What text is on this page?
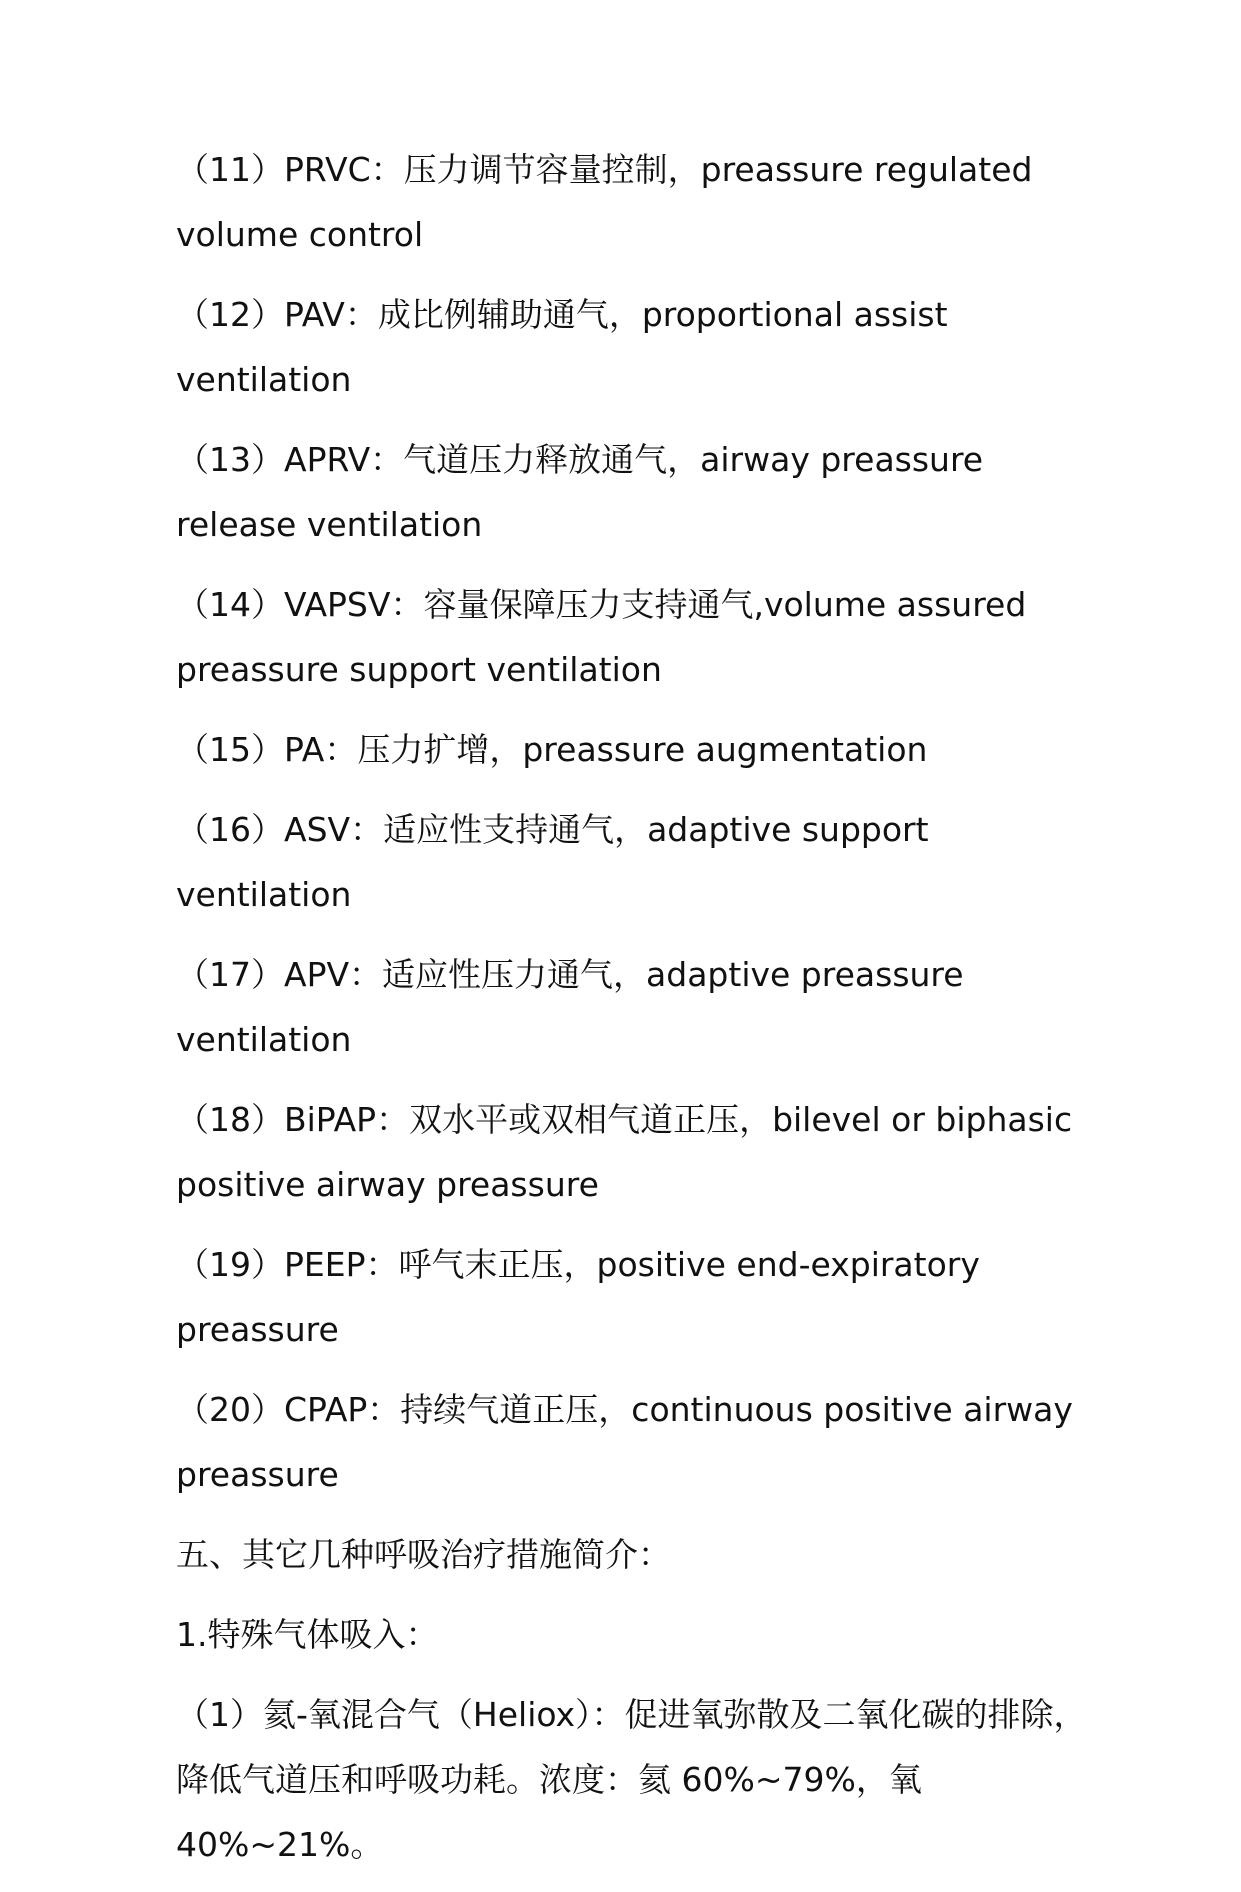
（11）PRVC：压力调节容量控制，preassure regulated volume control

（12）PAV：成比例辅助通气，proportional assist ventilation

（13）APRV：气道压力释放通气，airway preassure release ventilation

（14）VAPSV：容量保障压力支持通气,volume assured preassure support ventilation

（15）PA：压力扩增，preassure augmentation

（16）ASV：适应性支持通气，adaptive support ventilation

（17）APV：适应性压力通气，adaptive preassure ventilation

（18）BiPAP：双水平或双相气道正压，bilevel or biphasic positive airway preassure

（19）PEEP：呼气末正压，positive end-expiratory preassure

（20）CPAP：持续气道正压，continuous positive airway preassure

五、其它几种呼吸治疗措施简介：

1.特殊气体吸入：

（1）氦-氧混合气（Heliox）：促进氧弥散及二氧化碳的排除，降低气道压和呼吸功耗。浓度：氦 60%~79%，氧 40%~21%。
